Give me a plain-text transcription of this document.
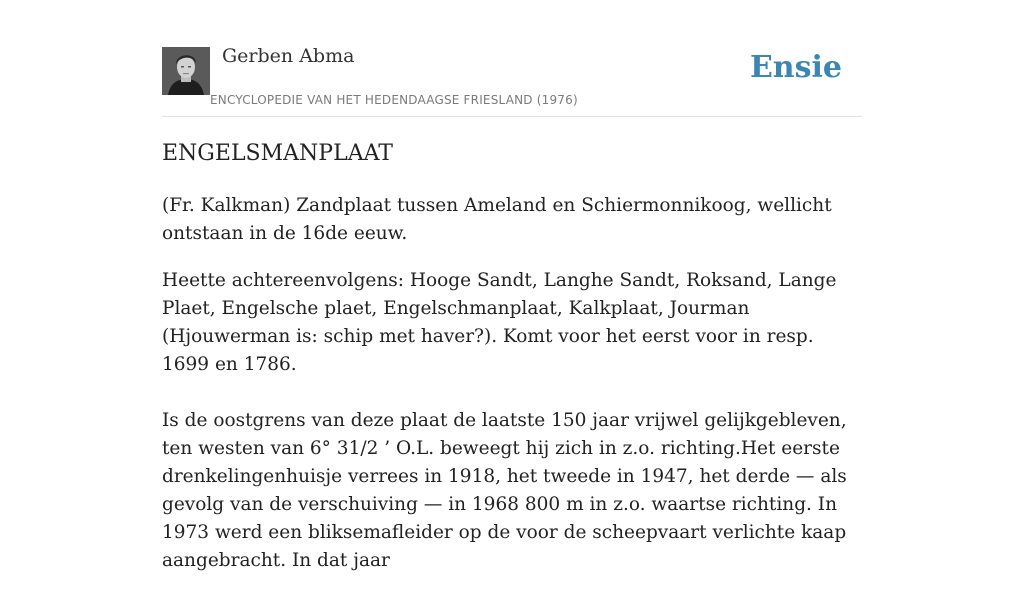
Gerben Abma
ENCYCLOPEDIE VAN HET HEDENDAAGSE FRIESLAND (1976)
Ensie
ENGELSMANPLAAT

(Fr. Kalkman) Zandplaat tussen Ameland en Schiermonnikoog, wellicht ontstaan in de 16de eeuw.

Heette achtereenvolgens: Hooge Sandt, Langhe Sandt, Roksand, Lange Plaet, Engelsche plaet, Engelschmanplaat, Kalkplaat, Jourman (Hjouwerman is: schip met haver?). Komt voor het eerst voor in resp. 1699 en 1786.

Is de oostgrens van deze plaat de laatste 150 jaar vrijwel gelijkgebleven, ten westen van 6° 31/2 ’ O.L. beweegt hij zich in z.o. richting.Het eerste drenkelingenhuisje verrees in 1918, het tweede in 1947, het derde — als gevolg van de verschuiving — in 1968 800 m in z.o. waartse richting. In 1973 werd een bliksemafleider op de voor de scheepvaart verlichte kaap aangebracht. In dat jaar
